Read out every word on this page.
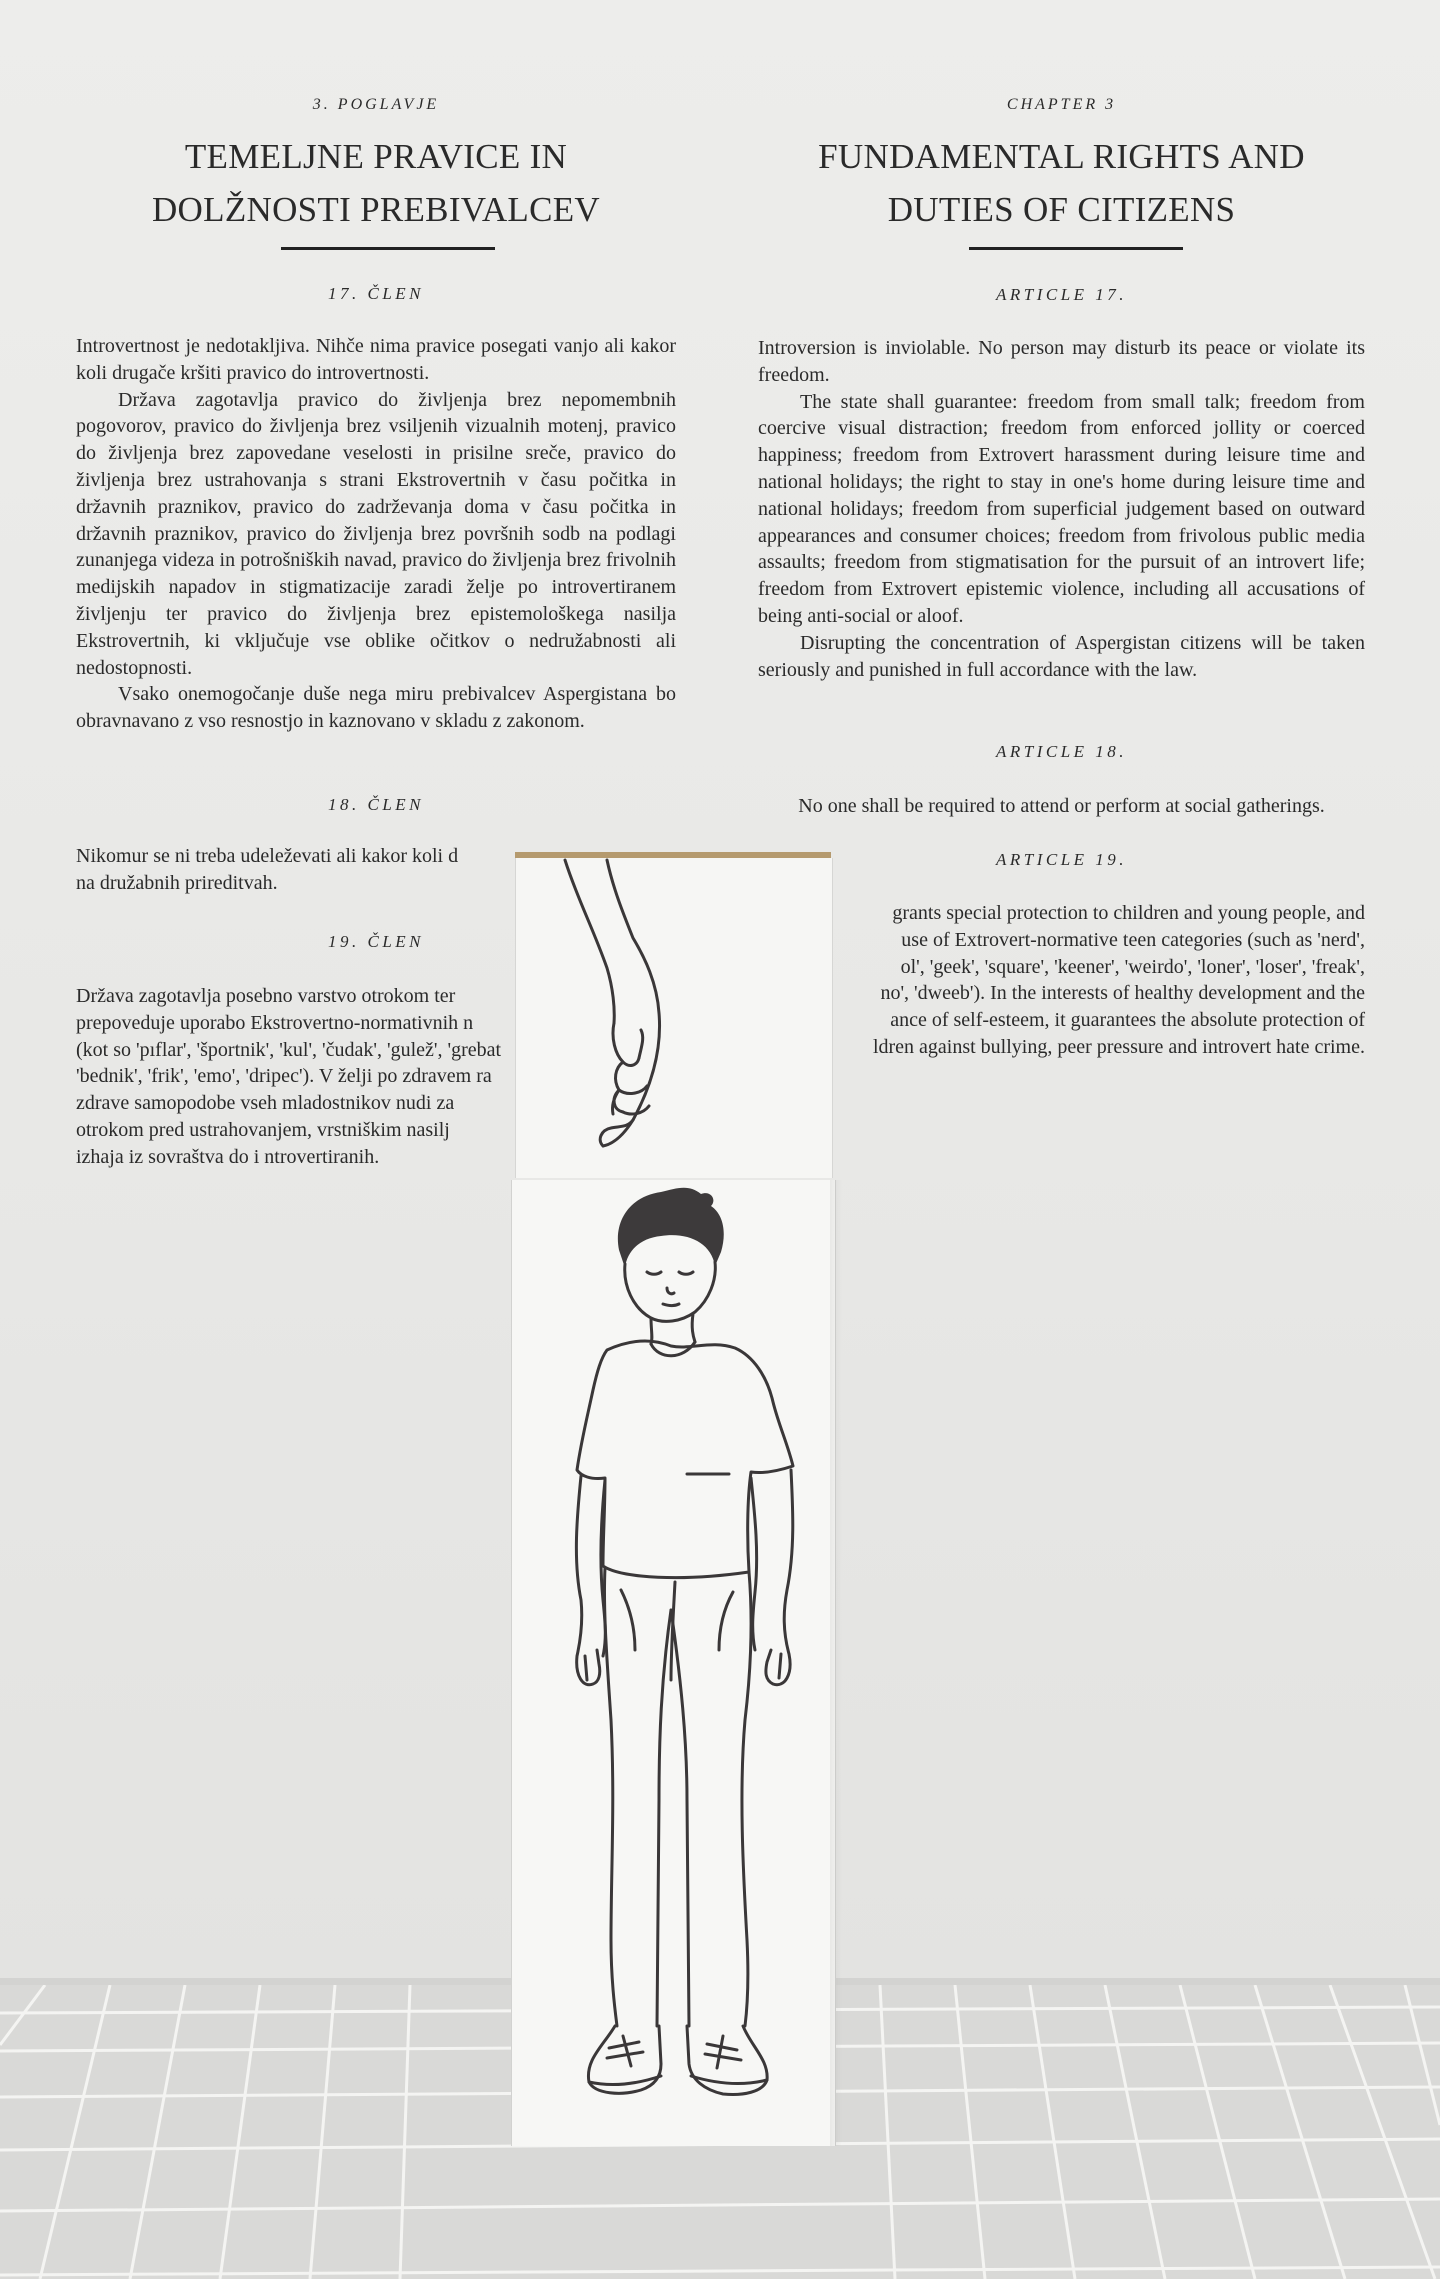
3. POGLAVJE
TEMELJNE PRAVICE IN
DOLŽNOSTI PREBIVALCEV
17. ČLEN

Introvertnost je nedotakljiva. Nihče nima pravice posegati vanjo ali kakor koli drugače kršiti pravico do introvertnosti.

Država zagotavlja pravico do življenja brez nepomembnih pogovorov, pravico do življenja brez vsiljenih vizualnih motenj, pravico do življenja brez zapovedane veselosti in prisilne sreče, pravico do življenja brez ustrahovanja s strani Ekstrovertnih v času počitka in državnih praznikov, pravico do zadrževanja doma v času počitka in državnih praznikov, pravico do življenja brez površnih sodb na podlagi zunanjega videza in potrošniških navad, pravico do življenja brez frivolnih medijskih napadov in stigmatizacije zaradi želje po introvertiranem življenju ter pravico do življenja brez epistemološkega nasilja Ekstrovertnih, ki vključuje vse oblike očitkov o nedružabnosti ali nedostopnosti.

Vsako onemogočanje duše nega miru prebivalcev Aspergistana bo obravnavano z vso resnostjo in kaznovano v skladu z zakonom.

18. ČLEN
Nikomur se ni treba udeleževati ali kakor koli d
na družabnih prireditvah.
19. ČLEN
Država zagotavlja posebno varstvo otrokom ter
prepoveduje uporabo Ekstrovertno-normativnih n
(kot so 'pıflar', 'športnik', 'kul', 'čudak', 'gulež', 'grebat
'bednik', 'frik', 'emo', 'dripec'). V želji po zdravem ra
zdrave samopodobe vseh mladostnikov nudi za
otrokom pred ustrahovanjem, vrstniškim nasilj
izhaja iz sovraštva do i ntrovertiranih.
CHAPTER 3
FUNDAMENTAL RIGHTS AND
DUTIES OF CITIZENS
ARTICLE 17.

Introversion is inviolable. No person may disturb its peace or violate its freedom.

The state shall guarantee: freedom from small talk; freedom from coercive visual distraction; freedom from enforced jollity or coerced happiness; freedom from Extrovert harassment during leisure time and national holidays; the right to stay in one's home during leisure time and national holidays; freedom from superficial judgement based on outward appearances and consumer choices; freedom from frivolous public media assaults; freedom from stigmatisation for the pursuit of an introvert life; freedom from Extrovert epistemic violence, including all accusations of being anti-social or aloof.

Disrupting the concentration of Aspergistan citizens will be taken seriously and punished in full accordance with the law.

ARTICLE 18.
No one shall be required to attend or perform at social gatherings.
ARTICLE 19.
grants special protection to children and young people, and
use of Extrovert-normative teen categories (such as 'nerd',
ol', 'geek', 'square', 'keener', 'weirdo', 'loner', 'loser', 'freak',
no', 'dweeb'). In the interests of healthy development and the
ance of self-esteem, it guarantees the absolute protection of
ldren against bullying, peer pressure and introvert hate crime.
